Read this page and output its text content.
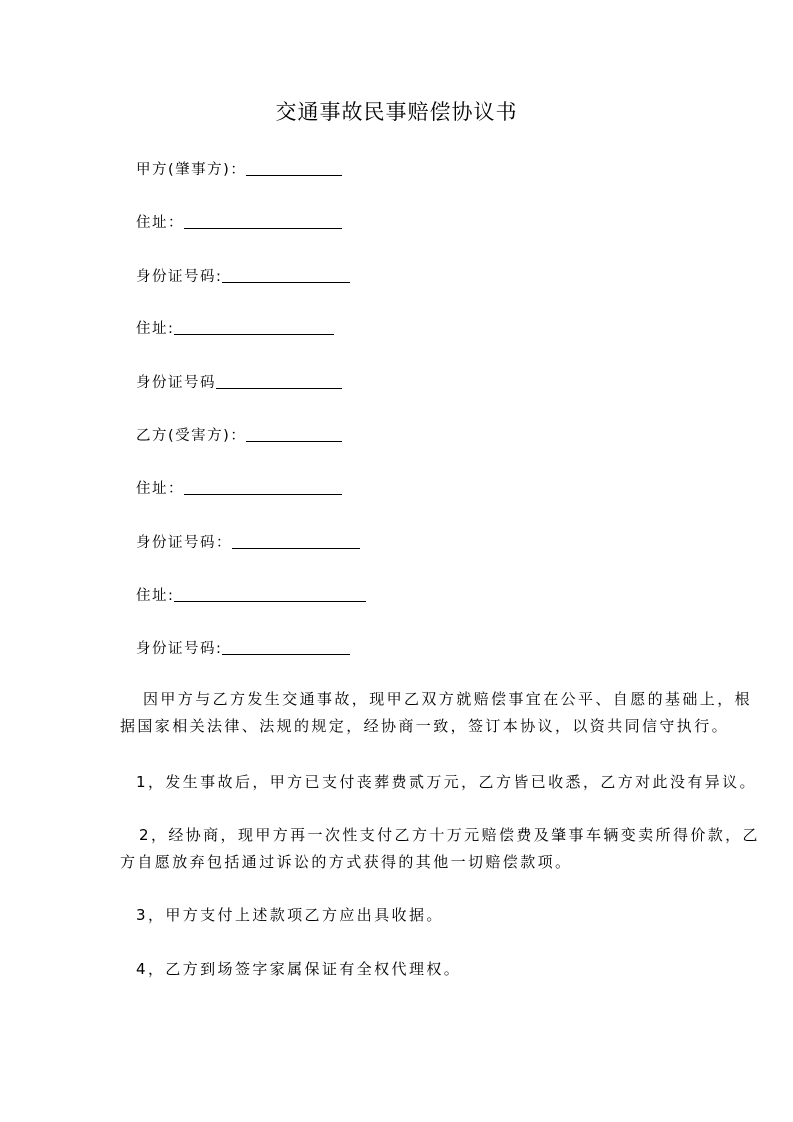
交通事故民事赔偿协议书
甲方(肇事方)：
住址：
身份证号码:
住址:
身份证号码
乙方(受害方)：
住址：
身份证号码：
住址:
身份证号码:
因甲方与乙方发生交通事故，现甲乙双方就赔偿事宜在公平、自愿的基础上，根
据国家相关法律、法规的规定，经协商一致，签订本协议，以资共同信守执行。
1，发生事故后，甲方已支付丧葬费贰万元，乙方皆已收悉，乙方对此没有异议。
2，经协商，现甲方再一次性支付乙方十万元赔偿费及肇事车辆变卖所得价款，乙
方自愿放弃包括通过诉讼的方式获得的其他一切赔偿款项。
3，甲方支付上述款项乙方应出具收据。
4，乙方到场签字家属保证有全权代理权。
